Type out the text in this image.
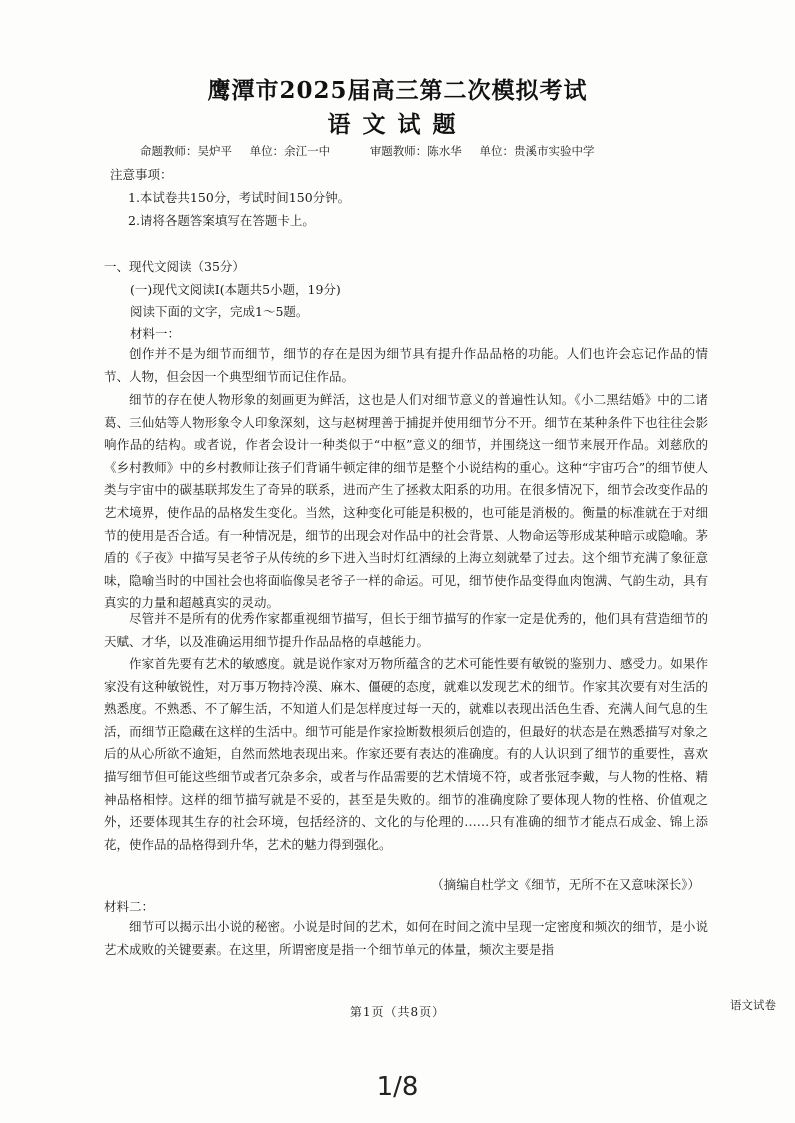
鹰潭市2025届高三第二次模拟考试
语文试题
命题教师：吴炉平 单位：余江一中	审题教师：陈水华 单位：贵溪市实验中学
注意事项：
1.本试卷共150分，考试时间150分钟。
2.请将各题答案填写在答题卡上。
一、现代文阅读（35分）
(一)现代文阅读Ⅰ(本题共5小题，19分)
阅读下面的文字，完成1～5题。
材料一：
创作并不是为细节而细节，细节的存在是因为细节具有提升作品品格的功能。人们也许会忘记作品的情节、人物，但会因一个典型细节而记住作品。
细节的存在使人物形象的刻画更为鲜活，这也是人们对细节意义的普遍性认知。《小二黑结婚》中的二诸葛、三仙姑等人物形象令人印象深刻，这与赵树理善于捕捉并使用细节分不开。细节在某种条件下也往往会影响作品的结构。或者说，作者会设计一种类似于“中枢”意义的细节，并围绕这一细节来展开作品。刘慈欣的《乡村教师》中的乡村教师让孩子们背诵牛顿定律的细节是整个小说结构的重心。这种“宇宙巧合”的细节使人类与宇宙中的碳基联邦发生了奇异的联系，进而产生了拯救太阳系的功用。在很多情况下，细节会改变作品的艺术境界，使作品的品格发生变化。当然，这种变化可能是积极的，也可能是消极的。衡量的标准就在于对细节的使用是否合适。有一种情况是，细节的出现会对作品中的社会背景、人物命运等形成某种暗示或隐喻。茅盾的《子夜》中描写吴老爷子从传统的乡下进入当时灯红酒绿的上海立刻就晕了过去。这个细节充满了象征意味，隐喻当时的中国社会也将面临像吴老爷子一样的命运。可见，细节使作品变得血肉饱满、气韵生动，具有真实的力量和超越真实的灵动。
尽管并不是所有的优秀作家都重视细节描写，但长于细节描写的作家一定是优秀的，他们具有营造细节的天赋、才华，以及准确运用细节提升作品品格的卓越能力。
作家首先要有艺术的敏感度。就是说作家对万物所蕴含的艺术可能性要有敏锐的鉴别力、感受力。如果作家没有这种敏锐性，对万事万物持冷漠、麻木、僵硬的态度，就难以发现艺术的细节。作家其次要有对生活的熟悉度。不熟悉、不了解生活，不知道人们是怎样度过每一天的，就难以表现出活色生香、充满人间气息的生活，而细节正隐藏在这样的生活中。细节可能是作家捡断数根须后创造的，但最好的状态是在熟悉描写对象之后的从心所欲不逾矩，自然而然地表现出来。作家还要有表达的准确度。有的人认识到了细节的重要性，喜欢描写细节但可能这些细节或者冗杂多余，或者与作品需要的艺术情境不符，或者张冠李戴，与人物的性格、精神品格相悖。这样的细节描写就是不妥的，甚至是失败的。细节的准确度除了要体现人物的性格、价值观之外，还要体现其生存的社会环境，包括经济的、文化的与伦理的……只有准确的细节才能点石成金、锦上添花，使作品的品格得到升华，艺术的魅力得到强化。
（摘编自杜学文《细节，无所不在又意味深长》）
材料二：
细节可以揭示出小说的秘密。小说是时间的艺术，如何在时间之流中呈现一定密度和频次的细节，是小说艺术成败的关键要素。在这里，所谓密度是指一个细节单元的体量，频次主要是指
第1页（共8页）	语文试卷
1/8
